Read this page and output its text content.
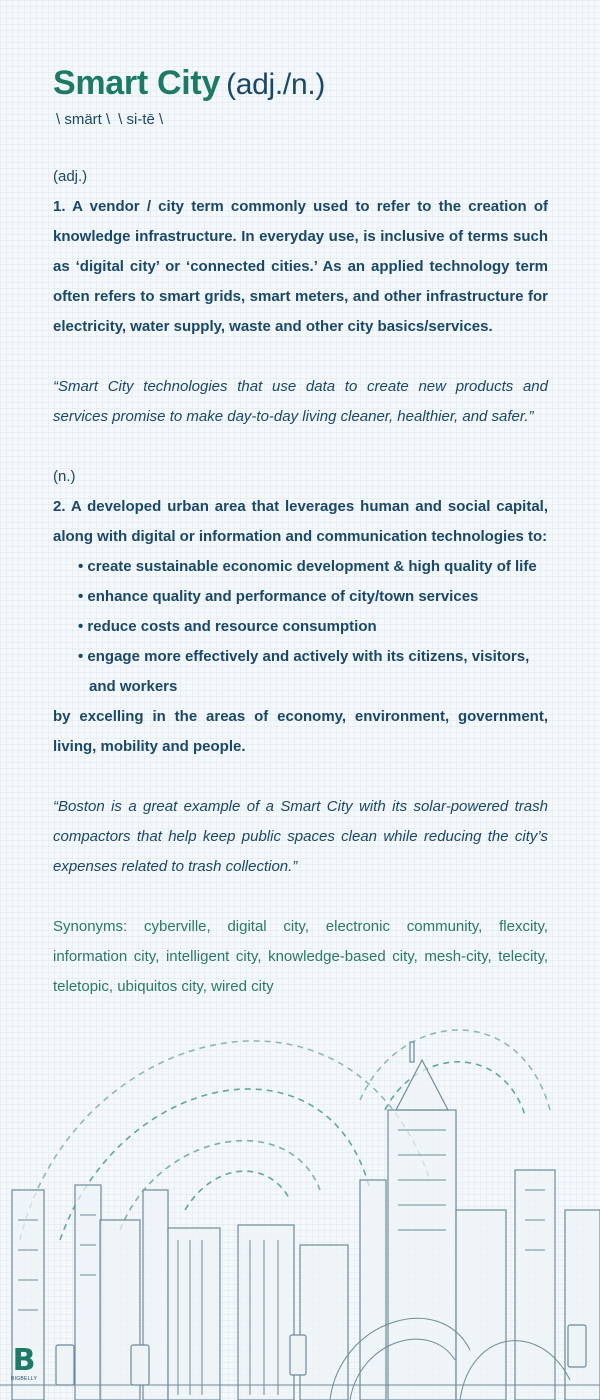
Smart City (adj./n.)

\ smärt \ \ si-tē \

(adj.)

1. A vendor / city term commonly used to refer to the creation of knowledge infrastructure. In everyday use, is inclusive of terms such as ‘digital city’ or ‘connected cities.’ As an applied technology term often refers to smart grids, smart meters, and other infrastructure for electricity, water supply, waste and other city basics/services.

“Smart City technologies that use data to create new products and services promise to make day-to-day living cleaner, healthier, and safer.”

(n.)

2. A developed urban area that leverages human and social capital, along with digital or information and communication technologies to:

• create sustainable economic development & high quality of life
• enhance quality and performance of city/town services
• reduce costs and resource consumption
• engage more effectively and actively with its citizens, visitors, and workers

by excelling in the areas of economy, environment, government, living, mobility and people.

“Boston is a great example of a Smart City with its solar-powered trash compactors that help keep public spaces clean while reducing the city’s expenses related to trash collection.”

Synonyms: cyberville, digital city, electronic community, flexcity, information city, intelligent city, knowledge-based city, mesh-city, telecity, teletopic, ubiquitos city, wired city

B
BIGBELLY
